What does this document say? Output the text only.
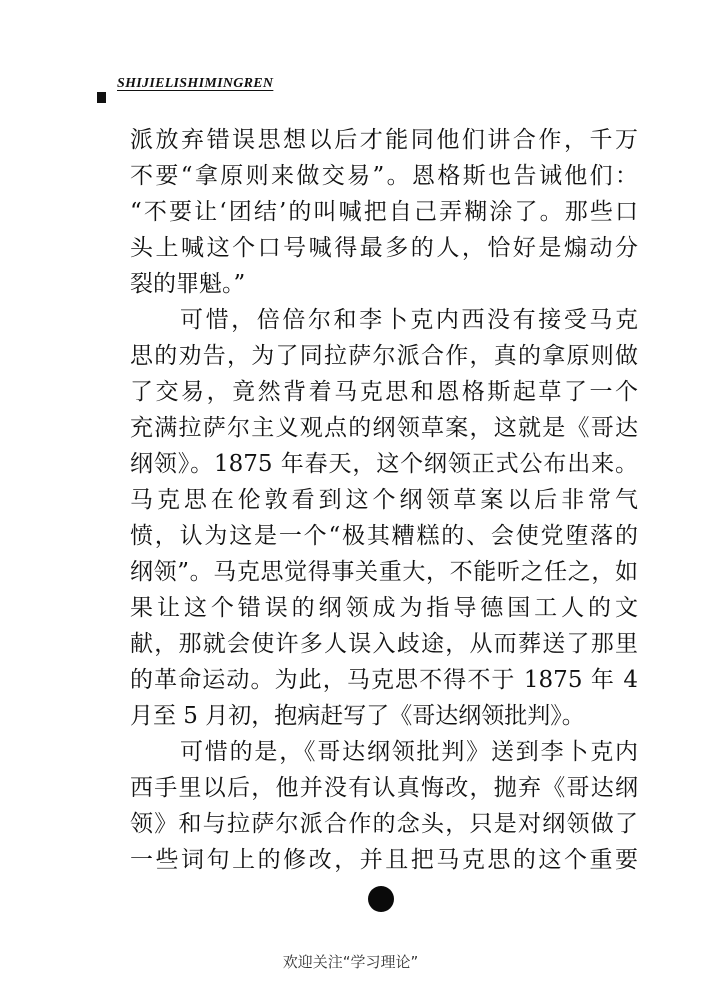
SHIJIELISHIMINGREN
派放弃错误思想以后才能同他们讲合作，千万
不要“拿原则来做交易”。恩格斯也告诫他们：
“不要让‘团结’的叫喊把自己弄糊涂了。那些口
头上喊这个口号喊得最多的人，恰好是煽动分
裂的罪魁。”
可惜，倍倍尔和李卜克内西没有接受马克
思的劝告，为了同拉萨尔派合作，真的拿原则做
了交易，竟然背着马克思和恩格斯起草了一个
充满拉萨尔主义观点的纲领草案，这就是《哥达
纲领》。1875 年春天，这个纲领正式公布出来。
马克思在伦敦看到这个纲领草案以后非常气
愤，认为这是一个“极其糟糕的、会使党堕落的
纲领”。马克思觉得事关重大，不能听之任之，如
果让这个错误的纲领成为指导德国工人的文
献，那就会使许多人误入歧途，从而葬送了那里
的革命运动。为此，马克思不得不于 1875 年 4
月至 5 月初，抱病赶写了《哥达纲领批判》。
可惜的是，《哥达纲领批判》送到李卜克内
西手里以后，他并没有认真悔改，抛弃《哥达纲
领》和与拉萨尔派合作的念头，只是对纲领做了
一些词句上的修改，并且把马克思的这个重要
欢迎关注“学习理论”
